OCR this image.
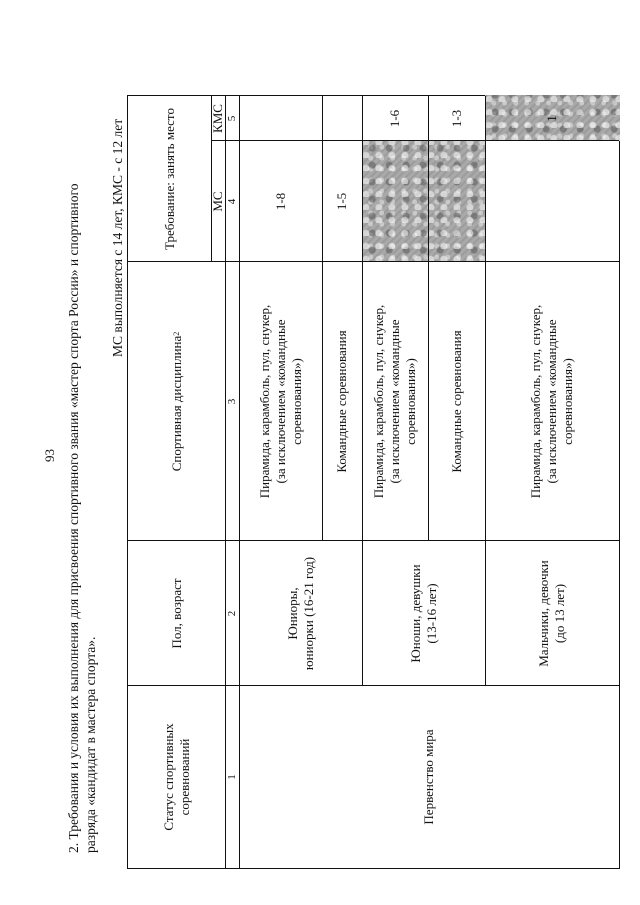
93 2. Требования и условия их выполнения для присвоения спортивного звания «мастер спорта России» и спортивного разряда «кандидат в мастера спорта».
МС выполняется с 14 лет, КМС - с 12 лет
Статус спортивных соревнований
Пол, возраст
Спортивная дисциплина
2
Требование: занять место	МС
КМС
1
2
3
4
5
Первенство мира
Юниоры,
юниорки (16-21 год)
Юноши, девушки
(13-16 лет)
Мальчики, девочки
(до 13 лет)
Пирамида, карамболь, пул, снукер,
(за исключением «командные
соревнования»)
1-8
Командные соревнования
1-5
Пирамида, карамболь, пул, снукер,
(за исключением «командные
соревнования»)
1-6
Командные соревнования
1-3
Пирамида, карамболь, пул, снукер,
(за исключением «командные
соревнования»)
1
